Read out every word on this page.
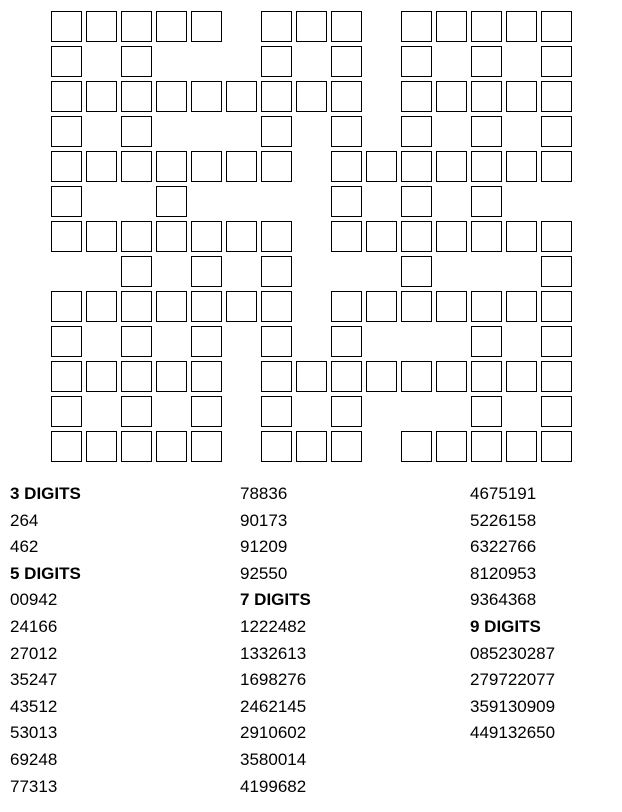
3 DIGITS
264
462
5 DIGITS
00942
24166
27012
35247
43512
53013
69248
77313
78836
90173
91209
92550
7 DIGITS
1222482
1332613
1698276
2462145
2910602
3580014
4199682
4675191
5226158
6322766
8120953
9364368
9 DIGITS
085230287
279722077
359130909
449132650
